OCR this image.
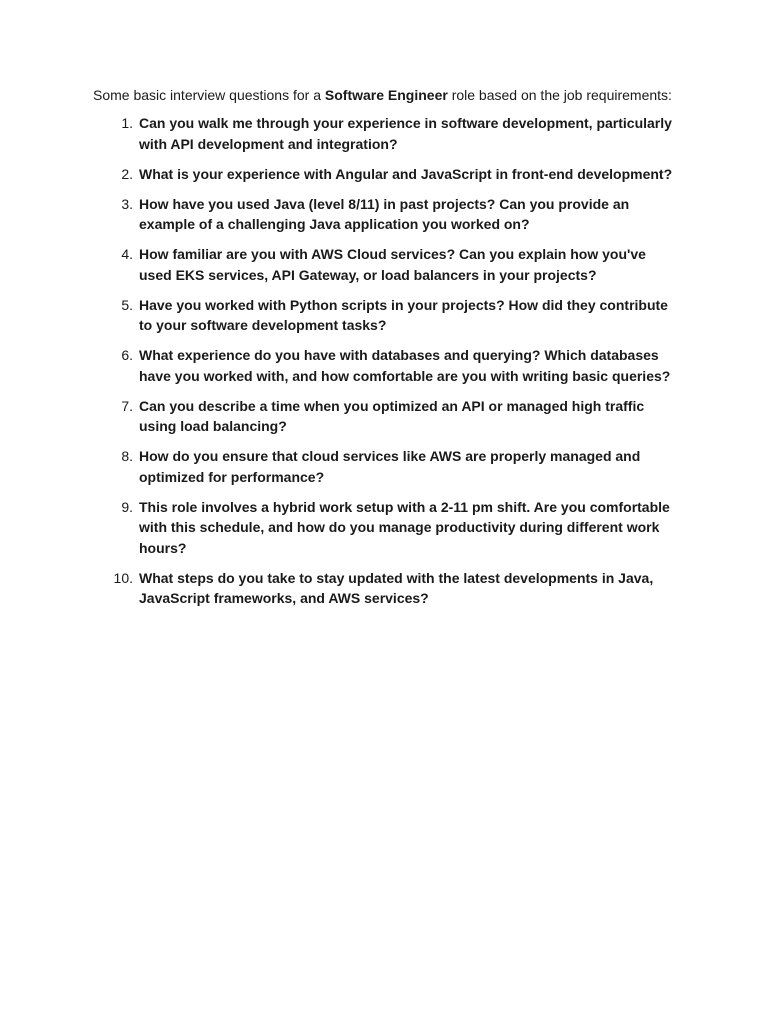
Some basic interview questions for a Software Engineer role based on the job requirements:

1. Can you walk me through your experience in software development, particularly with API development and integration?
2. What is your experience with Angular and JavaScript in front-end development?
3. How have you used Java (level 8/11) in past projects? Can you provide an example of a challenging Java application you worked on?
4. How familiar are you with AWS Cloud services? Can you explain how you've used EKS services, API Gateway, or load balancers in your projects?
5. Have you worked with Python scripts in your projects? How did they contribute to your software development tasks?
6. What experience do you have with databases and querying? Which databases have you worked with, and how comfortable are you with writing basic queries?
7. Can you describe a time when you optimized an API or managed high traffic using load balancing?
8. How do you ensure that cloud services like AWS are properly managed and optimized for performance?
9. This role involves a hybrid work setup with a 2-11 pm shift. Are you comfortable with this schedule, and how do you manage productivity during different work hours?
10. What steps do you take to stay updated with the latest developments in Java, JavaScript frameworks, and AWS services?
